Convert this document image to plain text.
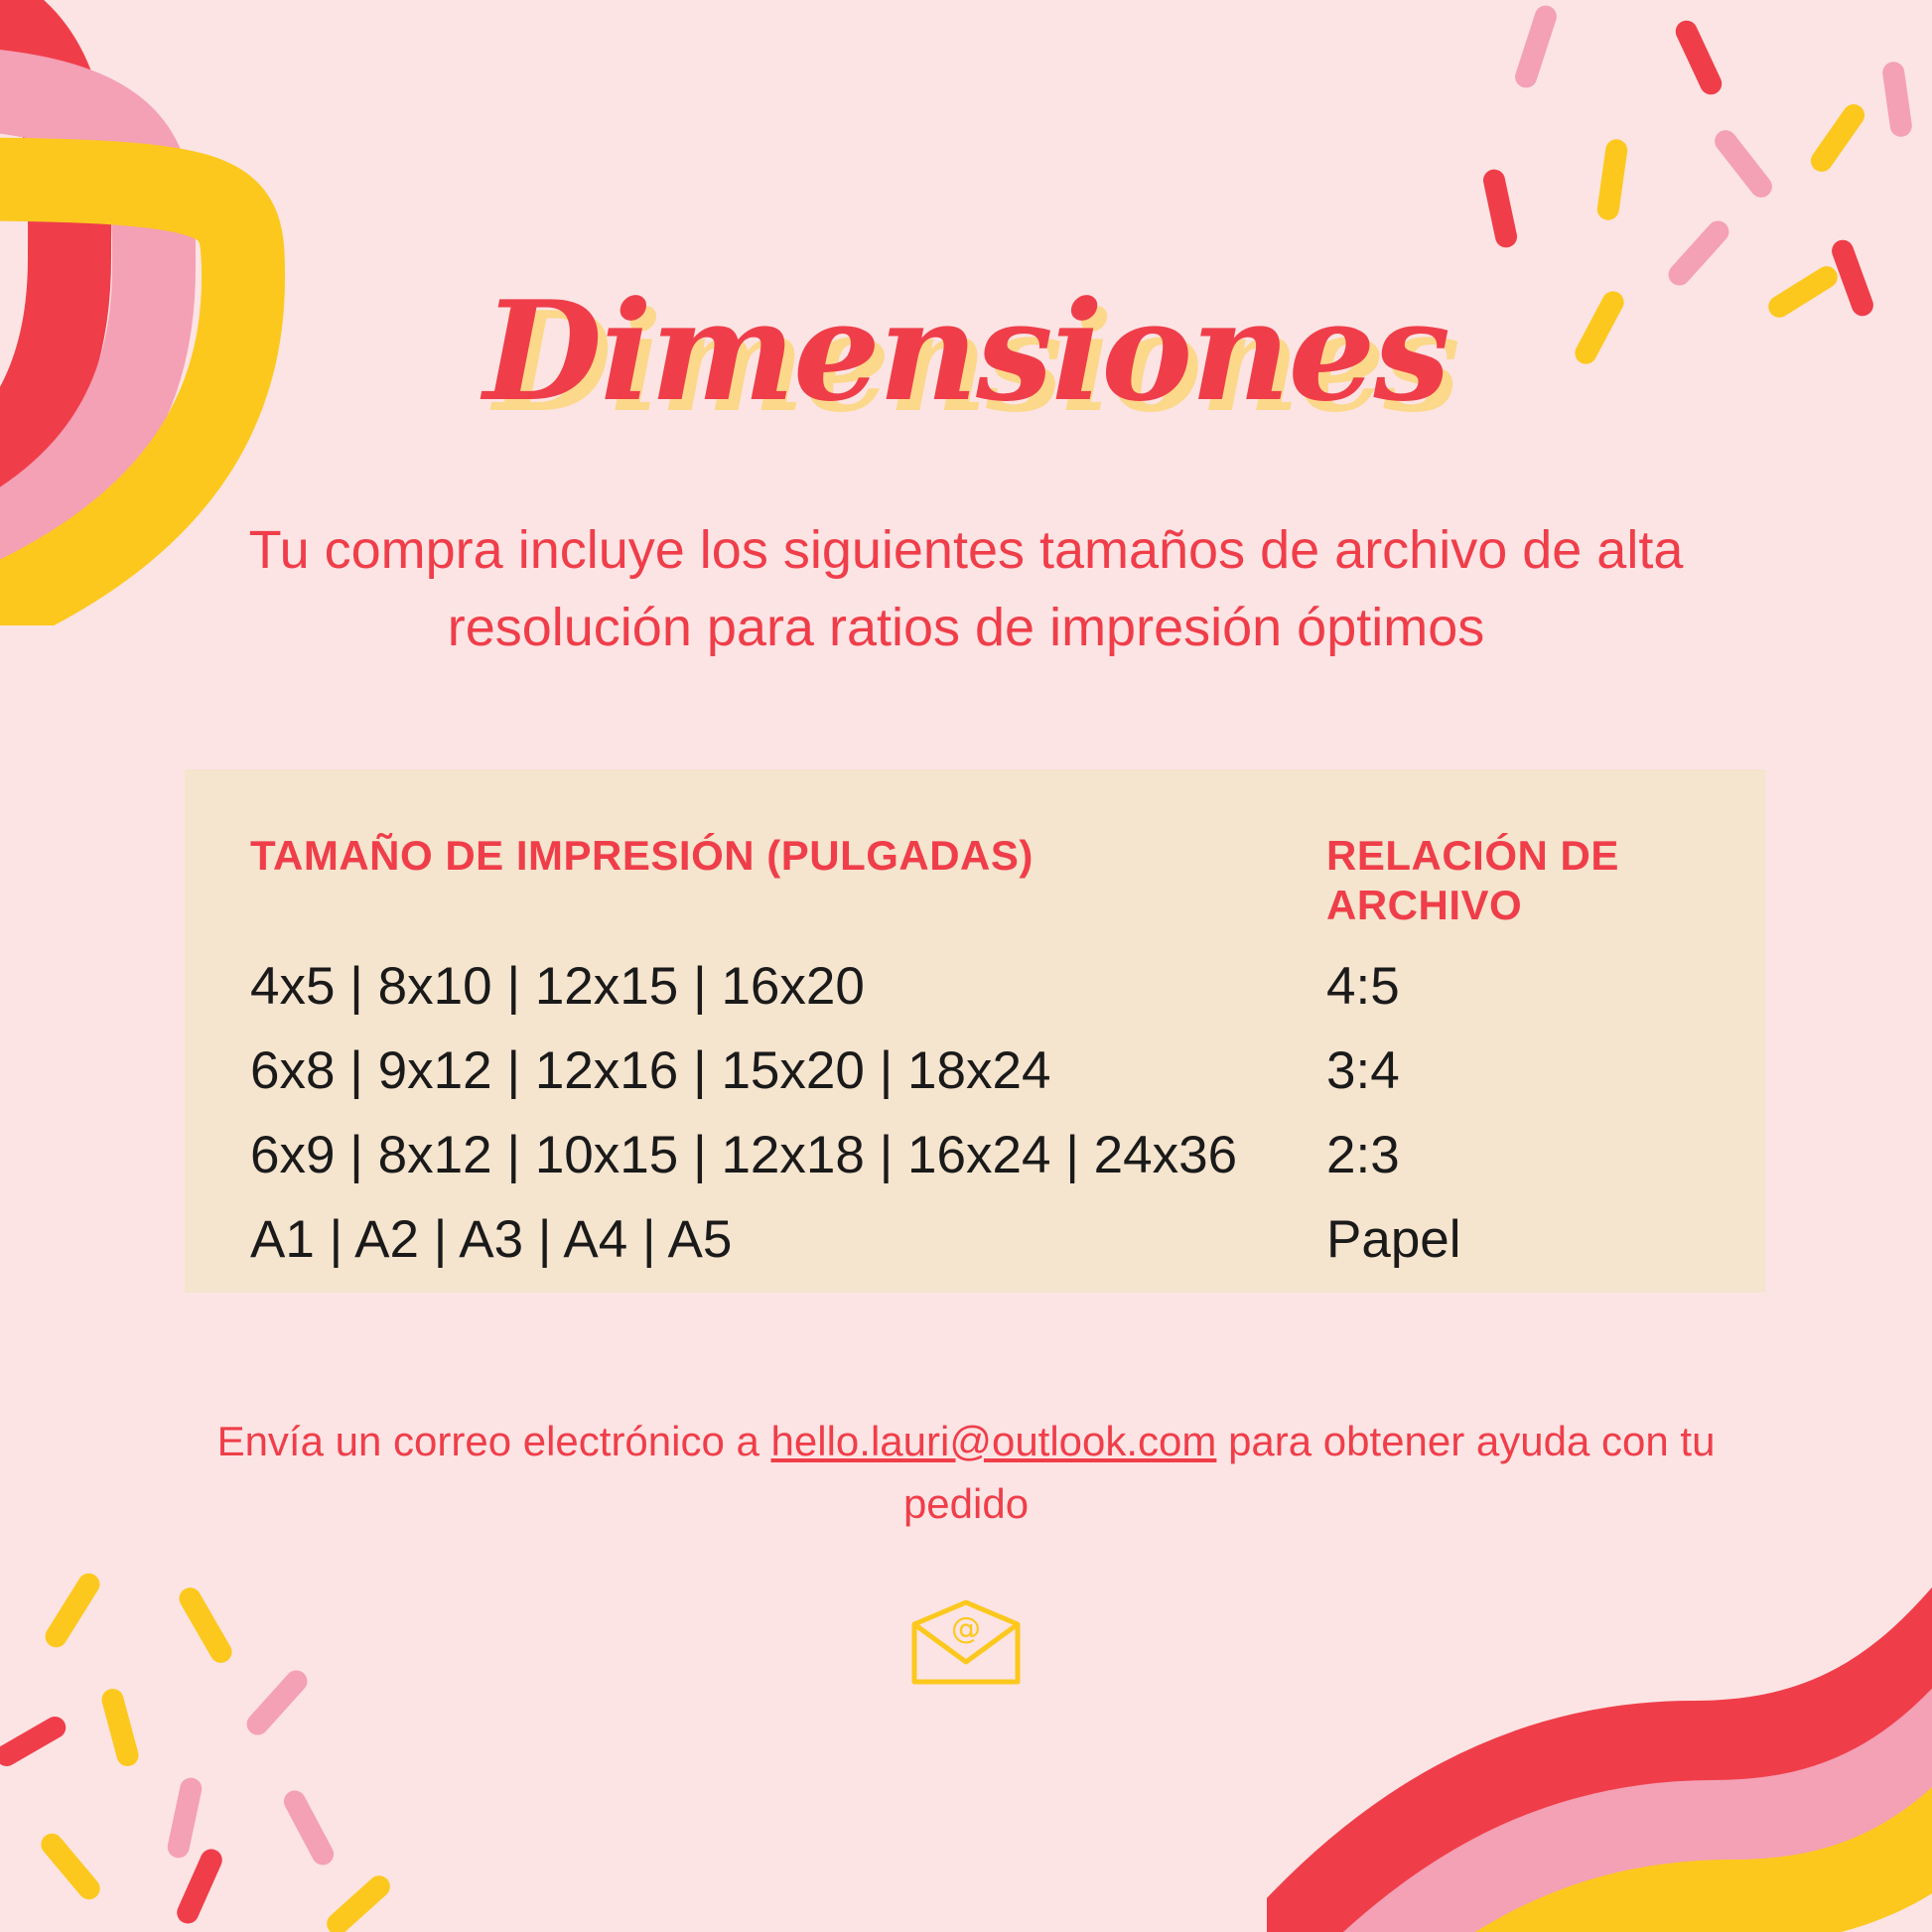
Dimensiones
Tu compra incluye los siguientes tamaños de archivo de alta resolución para ratios de impresión óptimos
TAMAÑO DE IMPRESIÓN (PULGADAS)	RELACIÓN DE ARCHIVO
4x5 | 8x10 | 12x15 | 16x20	4:5
6x8 | 9x12 | 12x16 | 15x20 | 18x24	3:4
6x9 | 8x12 | 10x15 | 12x18 | 16x24 | 24x36 2:3
A1 | A2 | A3 | A4 | A5	Papel
Envía un correo electrónico a hello.lauri@outlook.com para obtener ayuda con tu pedido
@
